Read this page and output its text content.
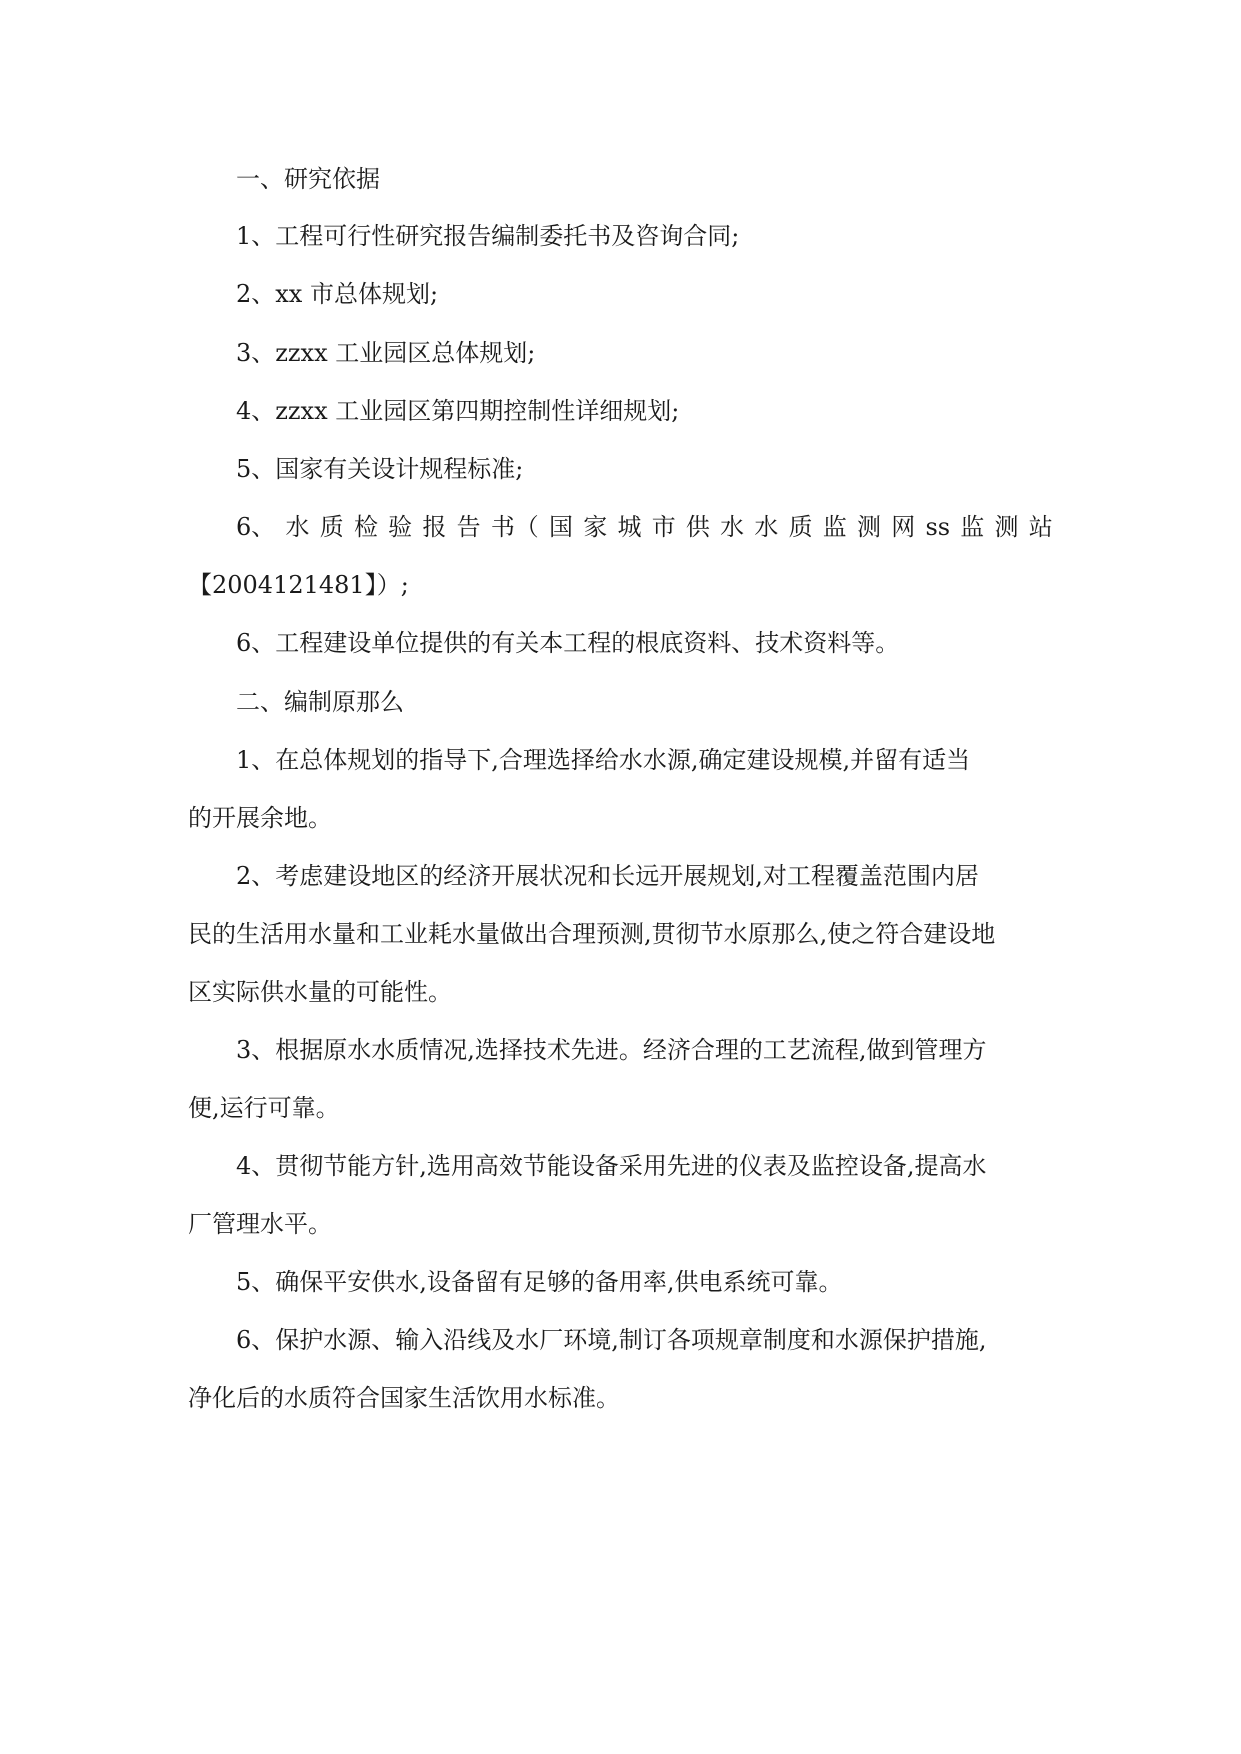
一、研究依据
1、工程可行性研究报告编制委托书及咨询合同;
2、xx 市总体规划;
3、zzxx 工业园区总体规划;
4、zzxx 工业园区第四期控制性详细规划;
5、国家有关设计规程标准;
6、 水 质 检 验 报 告 书（ 国 家 城 市 供 水 水 质 监 测 网 ss 监 测 站
【2004121481】）;
6、工程建设单位提供的有关本工程的根底资料、技术资料等。
二、编制原那么
1、在总体规划的指导下,合理选择给水水源,确定建设规模,并留有适当
的开展余地。
2、考虑建设地区的经济开展状况和长远开展规划,对工程覆盖范围内居
民的生活用水量和工业耗水量做出合理预测,贯彻节水原那么,使之符合建设地
区实际供水量的可能性。
3、根据原水水质情况,选择技术先进。经济合理的工艺流程,做到管理方
便,运行可靠。
4、贯彻节能方针,选用高效节能设备采用先进的仪表及监控设备,提高水
厂管理水平。
5、确保平安供水,设备留有足够的备用率,供电系统可靠。
6、保护水源、输入沿线及水厂环境,制订各项规章制度和水源保护措施,
净化后的水质符合国家生活饮用水标准。
